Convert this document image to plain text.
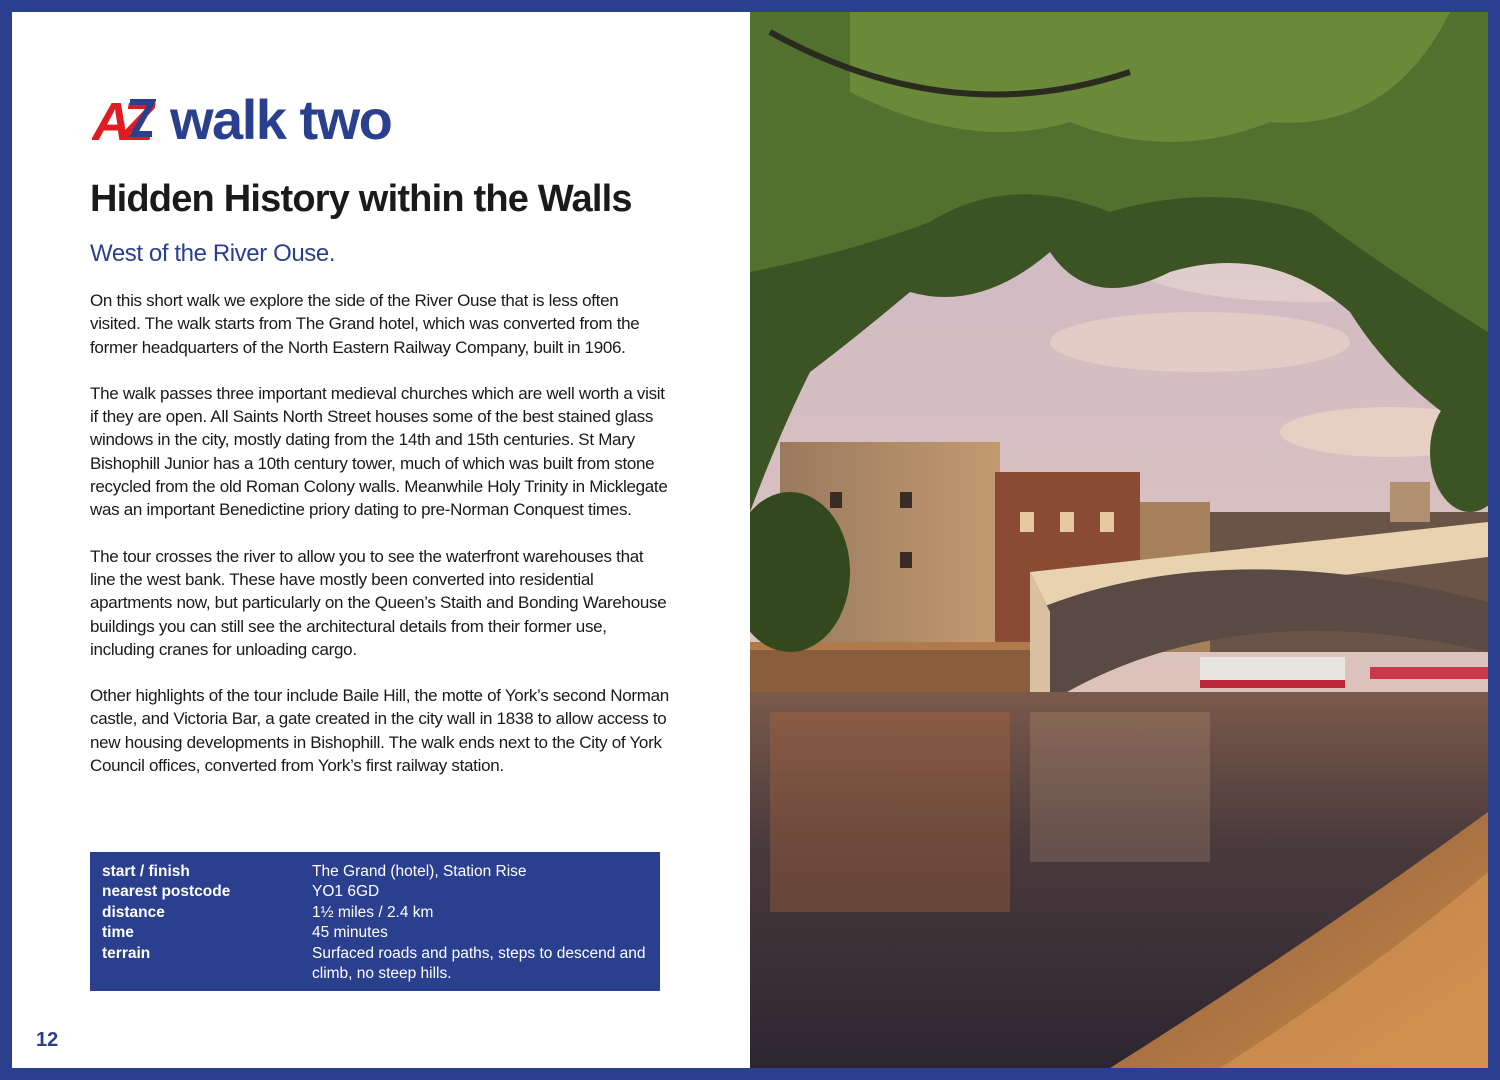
AZ walk two
Hidden History within the Walls
West of the River Ouse.

On this short walk we explore the side of the River Ouse that is less often visited. The walk starts from The Grand hotel, which was converted from the former headquarters of the North Eastern Railway Company, built in 1906.

The walk passes three important medieval churches which are well worth a visit if they are open. All Saints North Street houses some of the best stained glass windows in the city, mostly dating from the 14th and 15th centuries. St Mary Bishophill Junior has a 10th century tower, much of which was built from stone recycled from the old Roman Colony walls. Meanwhile Holy Trinity in Micklegate was an important Benedictine priory dating to pre-Norman Conquest times.

The tour crosses the river to allow you to see the waterfront warehouses that line the west bank. These have mostly been converted into residential apartments now, but particularly on the Queen’s Staith and Bonding Warehouse buildings you can still see the architectural details from their former use, including cranes for unloading cargo.

Other highlights of the tour include Baile Hill, the motte of York’s second Norman castle, and Victoria Bar, a gate created in the city wall in 1838 to allow access to new housing developments in Bishophill. The walk ends next to the City of York Council offices, converted from York’s first railway station.

start / finish	The Grand (hotel), Station Rise
nearest postcode	YO1 6GD
distance	1½ miles / 2.4 km
time	45 minutes
terrain	Surfaced roads and paths, steps to descend and climb, no steep hills.
12
